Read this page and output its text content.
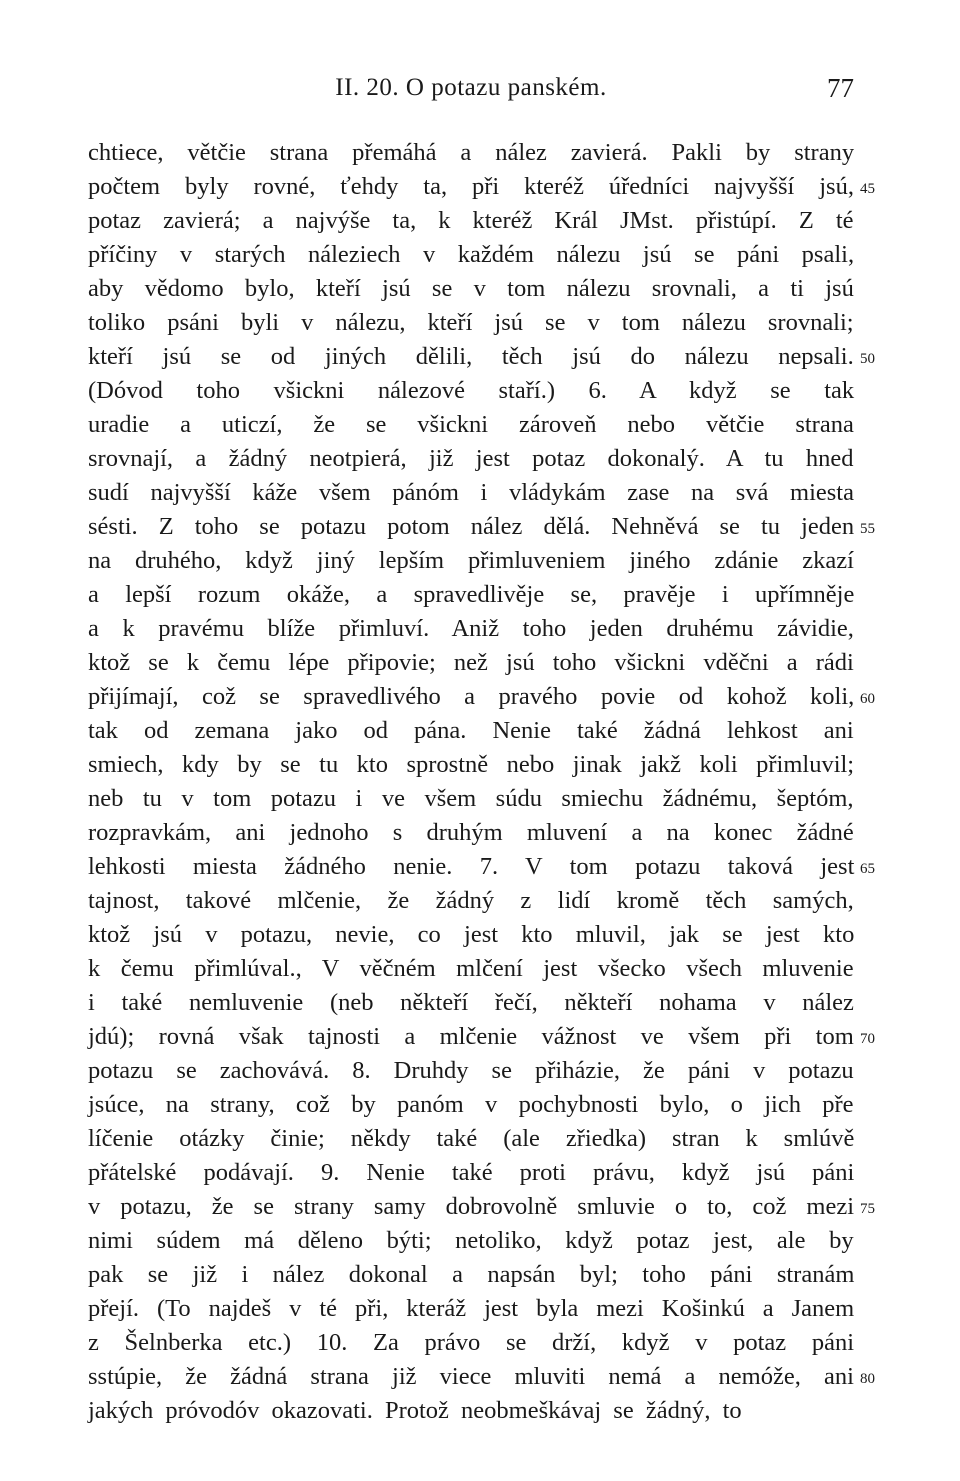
II. 20. O potazu panském.	77
chtiece, větčie strana přemáhá a nález zavierá. Pakli by strany
počtem byly rovné, ťehdy ta, při kteréž úředníci najvyšší jsú, 45
potaz zavierá; a najvýše ta, k kteréž Král JMst. přistúpí. Z té
příčiny v starých náleziech v každém nálezu jsú se páni psali,
aby vědomo bylo, kteří jsú se v tom nálezu srovnali, a ti jsú
toliko psáni byli v nálezu, kteří jsú se v tom nálezu srovnali;
kteří jsú se od jiných dělili, těch jsú do nálezu nepsali. 50
(Dóvod toho všickni nálezové staří.) 6. A když se tak
uradie a uticzí, že se všickni zároveň nebo větčie strana
srovnají, a žádný neotpierá, již jest potaz dokonalý. A tu hned
sudí najvyšší káže všem pánóm i vládykám zase na svá miesta
sésti. Z toho se potazu potom nález dělá. Nehněvá se tu jeden 55
na druhého, když jiný lepším přimluveniem jiného zdánie zkazí
a lepší rozum okáže, a spravedlivěje se, pravěje i upřímněje
a k pravému blíže přimluví. Aniž toho jeden druhému závidie,
ktož se k čemu lépe připovie; než jsú toho všickni vděčni a rádi
přijímají, což se spravedlivého a pravého povie od kohož koli, 60
tak od zemana jako od pána. Nenie také žádná lehkost ani
smiech, kdy by se tu kto sprostně nebo jinak jakž koli přimluvil;
neb tu v tom potazu i ve všem súdu smiechu žádnému, šeptóm,
rozpravkám, ani jednoho s druhým mluvení a na konec žádné
lehkosti miesta žádného nenie. 7. V tom potazu taková jest 65
tajnost, takové mlčenie, že žádný z lidí kromě těch samých,
ktož jsú v potazu, nevie, co jest kto mluvil, jak se jest kto
k čemu přimlúval., V věčném mlčení jest všecko všech mluvenie
i také nemluvenie (neb někteří řečí, někteří nohama v nález
jdú); rovná však tajnosti a mlčenie vážnost ve všem při tom 70
potazu se zachovává. 8. Druhdy se přiházie, že páni v potazu
jsúce, na strany, což by panóm v pochybnosti bylo, o jich pře
líčenie otázky činie; někdy také (ale zřiedka) stran k smlúvě
přátelské podávají. 9. Nenie také proti právu, když jsú páni
v potazu, že se strany samy dobrovolně smluvie o to, což mezi 75
nimi súdem má děleno býti; netoliko, když potaz jest, ale by
pak se již i nález dokonal a napsán byl; toho páni stranám
přejí. (To najdeš v té při, kteráž jest byla mezi Košinkú a Janem
z Šelnberka etc.) 10. Za právo se drží, když v potaz páni
sstúpie, že žádná strana již viece mluviti nemá a nemóže, ani 80
jakých próvodóv okazovati. Protož neobmeškávaj se žádný, to
